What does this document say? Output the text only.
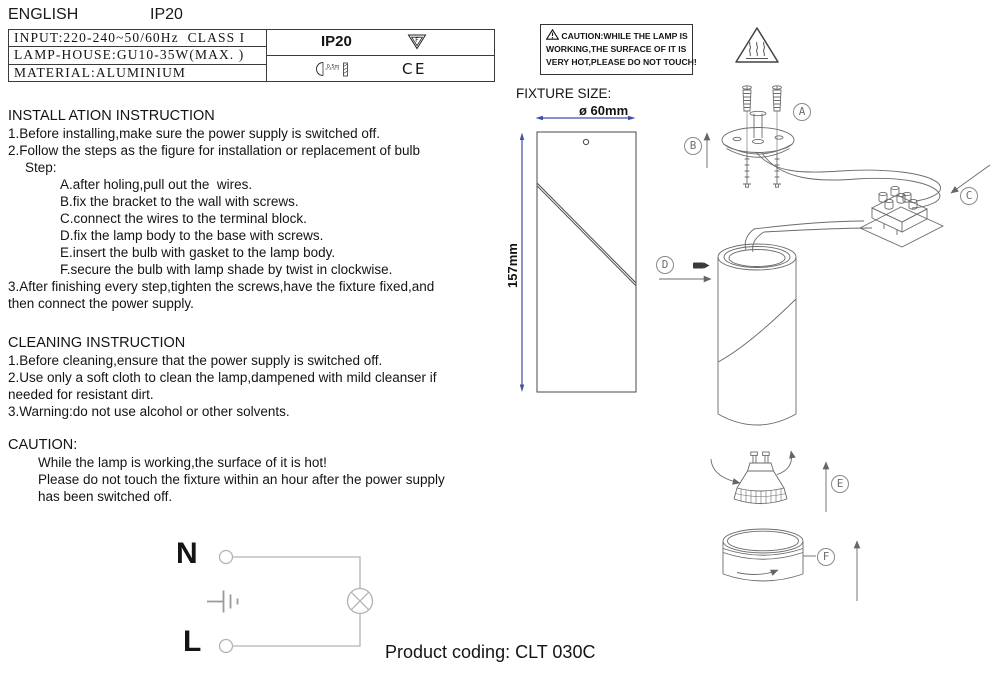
ENGLISH	IP20
INPUT:220-240~50/60Hz  CLASS I
LAMP-HOUSE:GU10-35W(MAX. )
MATERIAL:ALUMINIUM
IP20	F
0.5m	CE
CAUTION:WHILE THE LAMP IS
WORKING,THE SURFACE OF IT IS
VERY HOT,PLEASE DO NOT TOUCH!
INSTALL ATION INSTRUCTION
1.Before installing,make sure the power supply is switched off.
2.Follow the steps as the figure for installation or replacement of bulb
Step:
A.after holing,pull out the  wires.
B.fix the bracket to the wall with screws.
C.connect the wires to the terminal block.
D.fix the lamp body to the base with screws.
E.insert the bulb with gasket to the lamp body.
F.secure the bulb with lamp shade by twist in clockwise.
3.After finishing every step,tighten the screws,have the fixture fixed,and
then connect the power supply.
CLEANING INSTRUCTION
1.Before cleaning,ensure that the power supply is switched off.
2.Use only a soft cloth to clean the lamp,dampened with mild cleanser if
needed for resistant dirt.
3.Warning:do not use alcohol or other solvents.
CAUTION:
While the lamp is working,the surface of it is hot!
Please do not touch the fixture within an hour after the power supply
has been switched off.
FIXTURE SIZE:
ø 60mm
157mm
A
B
C
D
E
F
N
L	Product coding: CLT 030C
